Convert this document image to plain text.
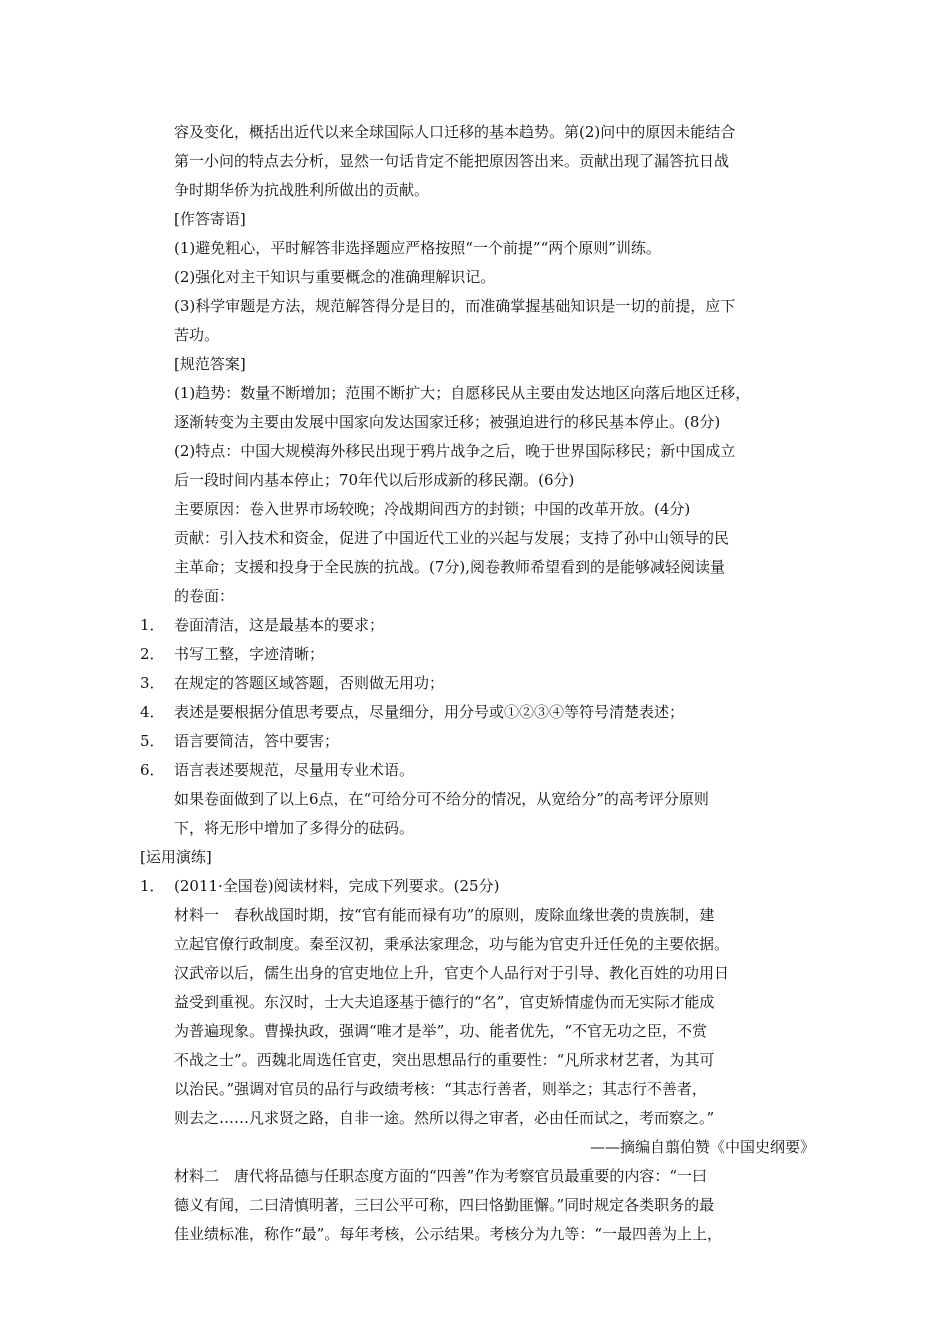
容及变化，概括出近代以来全球国际人口迁移的基本趋势。第(2)问中的原因未能结合
第一小问的特点去分析，显然一句话肯定不能把原因答出来。贡献出现了漏答抗日战
争时期华侨为抗战胜利所做出的贡献。
[作答寄语]
(1)避免粗心，平时解答非选择题应严格按照“一个前提”“两个原则”训练。
(2)强化对主干知识与重要概念的准确理解识记。
(3)科学审题是方法，规范解答得分是目的，而准确掌握基础知识是一切的前提，应下
苦功。
[规范答案]
(1)趋势：数量不断增加；范围不断扩大；自愿移民从主要由发达地区向落后地区迁移，
逐渐转变为主要由发展中国家向发达国家迁移；被强迫进行的移民基本停止。(8分)
(2)特点：中国大规模海外移民出现于鸦片战争之后，晚于世界国际移民；新中国成立
后一段时间内基本停止；70年代以后形成新的移民潮。(6分)
主要原因：卷入世界市场较晚；冷战期间西方的封锁；中国的改革开放。(4分)
贡献：引入技术和资金，促进了中国近代工业的兴起与发展；支持了孙中山领导的民
主革命；支援和投身于全民族的抗战。(7分),阅卷教师希望看到的是能够减轻阅读量
的卷面：
1． 卷面清洁，这是最基本的要求；
2． 书写工整，字迹清晰；
3． 在规定的答题区域答题，否则做无用功；
4． 表述是要根据分值思考要点，尽量细分，用分号或①②③④等符号清楚表述；
5． 语言要简洁，答中要害；
6． 语言表述要规范，尽量用专业术语。
如果卷面做到了以上6点，在“可给分可不给分的情况，从宽给分”的高考评分原则
下，将无形中增加了多得分的砝码。
[运用演练]
1． (2011·全国卷)阅读材料，完成下列要求。(25分)
材料一　春秋战国时期，按“官有能而禄有功”的原则，废除血缘世袭的贵族制，建
立起官僚行政制度。秦至汉初，秉承法家理念，功与能为官吏升迁任免的主要依据。
汉武帝以后，儒生出身的官吏地位上升，官吏个人品行对于引导、教化百姓的功用日
益受到重视。东汉时，士大夫追逐基于德行的“名”，官吏矫情虚伪而无实际才能成
为普遍现象。曹操执政，强调“唯才是举”，功、能者优先，“不官无功之臣，不赏
不战之士”。西魏北周选任官吏，突出思想品行的重要性：“凡所求材艺者，为其可
以治民。”强调对官员的品行与政绩考核：“其志行善者，则举之；其志行不善者，
则去之……凡求贤之路，自非一途。然所以得之审者，必由任而试之，考而察之。”
——摘编自翦伯赞《中国史纲要》
材料二　唐代将品德与任职态度方面的“四善”作为考察官员最重要的内容：“一曰
德义有闻，二曰清慎明著，三曰公平可称，四曰恪勤匪懈。”同时规定各类职务的最
佳业绩标准，称作“最”。每年考核，公示结果。考核分为九等：“一最四善为上上，
